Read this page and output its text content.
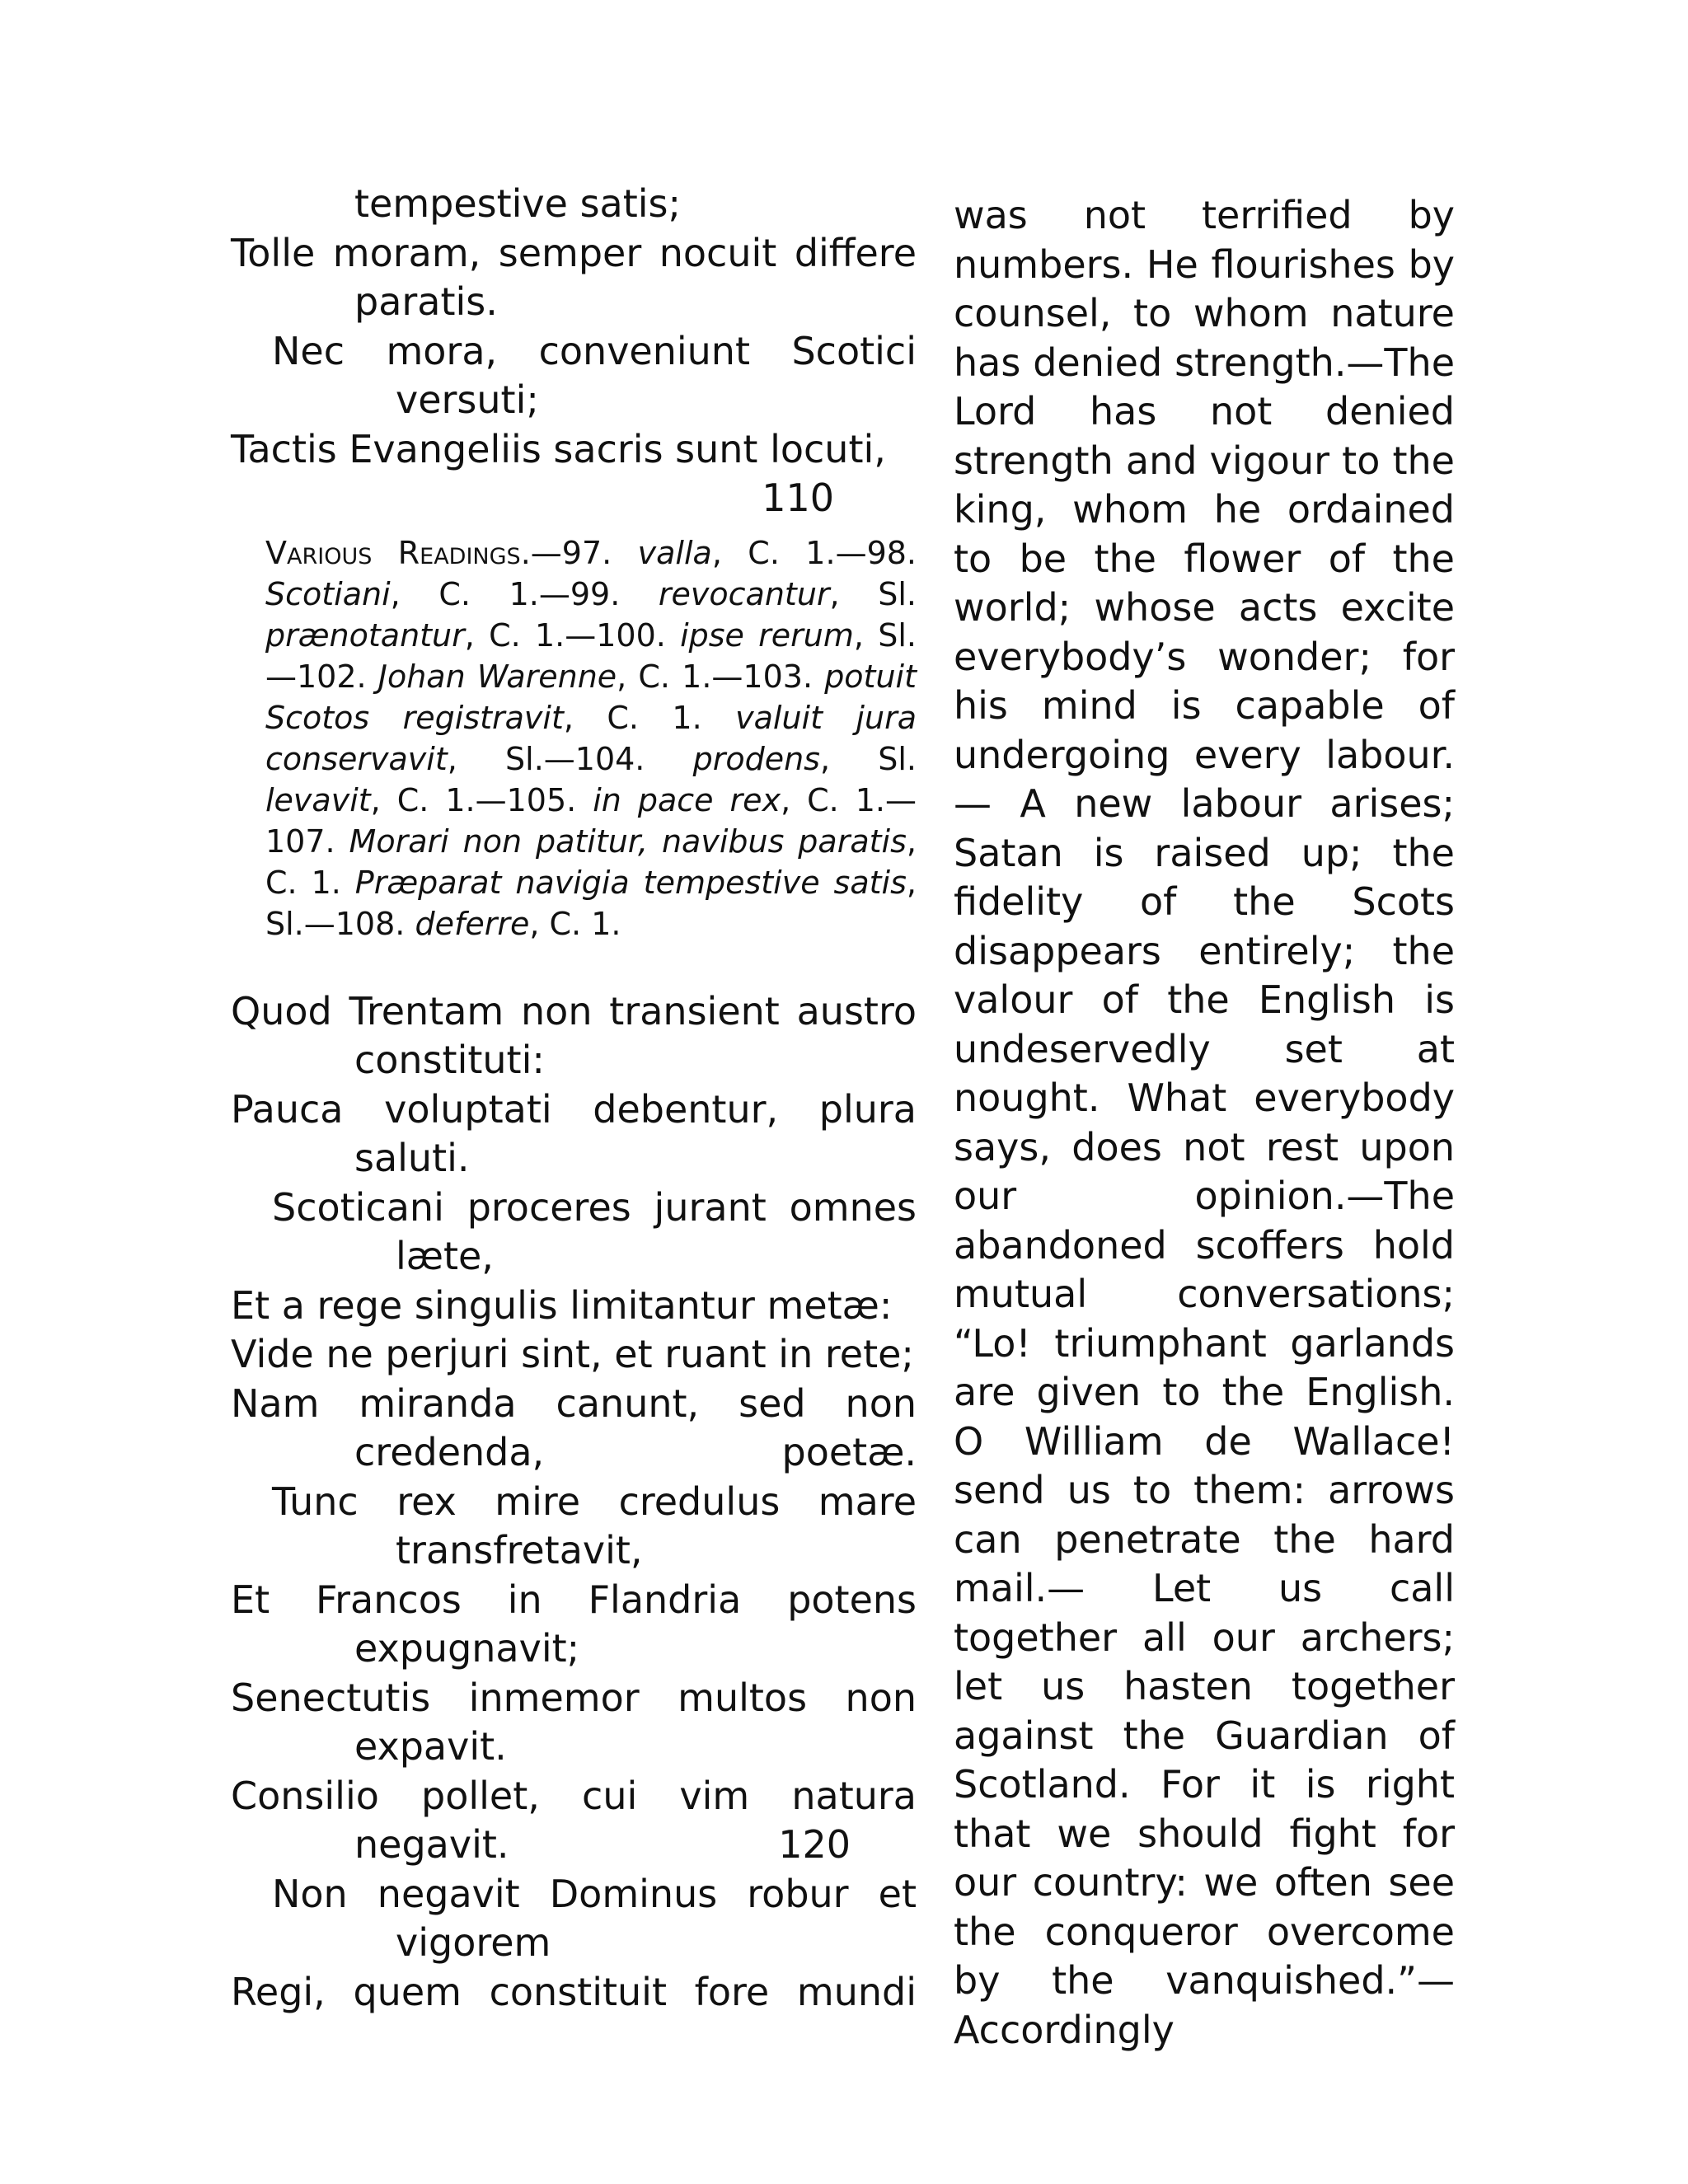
tempestive satis;
Tolle moram, semper nocuit differe paratis.
Nec mora, conveniunt Scotici versuti;
Tactis Evangeliis sacris sunt locuti,
110
Various Readings.—97. valla, C. 1.—98. Scotiani, C. 1.—99. revocantur, Sl. prænotantur, C. 1.—100. ipse rerum, Sl. —102. Johan Warenne, C. 1.—103. potuit Scotos registravit, C. 1. valuit jura conservavit, Sl.—104. prodens, Sl. levavit, C. 1.—105. in pace rex, C. 1.—107. Morari non patitur, navibus paratis, C. 1. Præparat navigia tempestive satis, Sl.—108. deferre, C. 1.
Quod Trentam non transient austro constituti:
Pauca voluptati debentur, plura saluti.
Scoticani proceres jurant omnes læte,
Et a rege singulis limitantur metæ:
Vide ne perjuri sint, et ruant in rete;
Nam miranda canunt, sed non credenda, poetæ.
Tunc rex mire credulus mare transfretavit,
Et Francos in Flandria potens expugnavit;
Senectutis inmemor multos non expavit.
Consilio pollet, cui vim natura negavit.	120
Non negavit Dominus robur et vigorem
Regi, quem constituit fore mundi

was not terrified by numbers. He flourishes by counsel, to whom nature has denied strength.—The Lord has not denied strength and vigour to the king, whom he ordained to be the flower of the world; whose acts excite everybody’s wonder; for his mind is capable of undergoing every labour.— A new labour arises; Satan is raised up; the fidelity of the Scots disappears entirely; the valour of the English is undeservedly set at nought. What everybody says, does not rest upon our opinion.—The abandoned scoffers hold mutual conversations; “Lo! triumphant garlands are given to the English. O William de Wallace! send us to them: arrows can penetrate the hard mail.— Let us call together all our archers; let us hasten together against the Guardian of Scotland. For it is right that we should fight for our country: we often see the conqueror overcome by the vanquished.”—Accordingly
